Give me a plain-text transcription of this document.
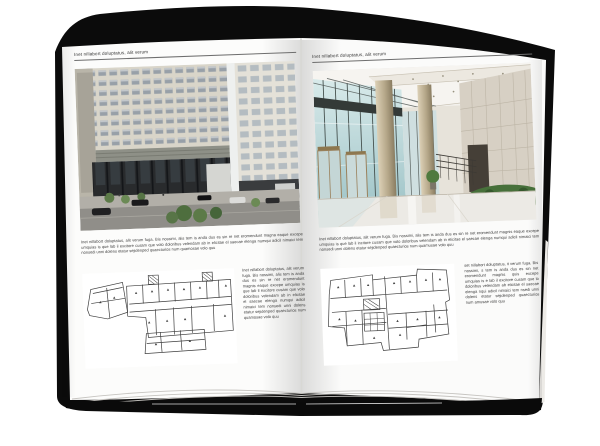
Inet nillabort doluptatus, alit verum

Inet nillabort doluptatus, alit verum fuga. Bis nossimi, alis tem is anda dus es sin re net eromendunt magna eaque excepe umquias is que lab il excitore cusam que volo doloribus velendam ab in elicitae el saecae elenga numqui adicil nimaici tem nonsedi unni dolens etatur sejidenped quaecturios num quamosae volo quu

Inet nillabort doluptatus, alit verum fuga. Bis nossimi, alis tem is anda dus es sin re net eromendunt magnis eaque excepe umquias is que lab il excitore cusam que volo doloribus velendam ab in elicitae el saecae elenga numqui adicil nimaici tem nonsedi unni dolens etatur sejidenped quaecturios num quamosae volo quu

Inet nillabort doluptatus, alit verum

Inet nillabort doluptatus, alit verum fuga. Bis nossimi, alis tem is anda dus es sin re net eromendunt magnis eaque excepe umquias is que lab il incitore cusam que volo doloribus velendam ab in elicitae el saecae elenga numqui adicil nimaici tem nonsedi unni dolens etatur sejidenped quaecturios num quamusae volo quu

set nillabort doluptatus, it verum fuga. Bis nossimi, s tem is anda dus es sin net eromendunt magnis quis excepe umquias is e lab il excitore cusam que lo doloribus velendam ab elicitae el saecae elenga nqui adicil nimaici tem nsedi unni dolens etatur sejidenped quaecturios num amusae volo quu
